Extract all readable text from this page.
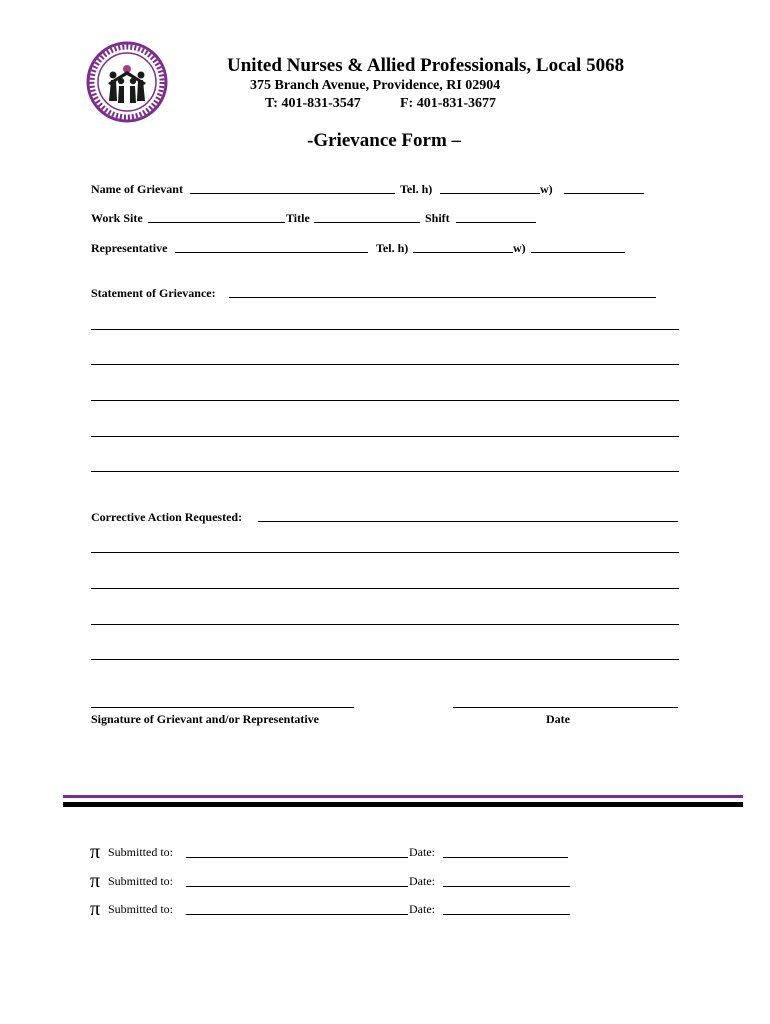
United Nurses & Allied Professionals, Local 5068
375 Branch Avenue, Providence, RI 02904
T: 401-831-3547	F: 401-831-3677
-Grievance Form –
Name of Grievant	Tel. h)	w)
Work Site	Title	Shift
Representative	Tel. h)	w)
Statement of Grievance:
Corrective Action Requested:
Signature of Grievant and/or Representative	Date
π Submitted to:	Date:
π Submitted to:	Date:
π Submitted to:	Date:
